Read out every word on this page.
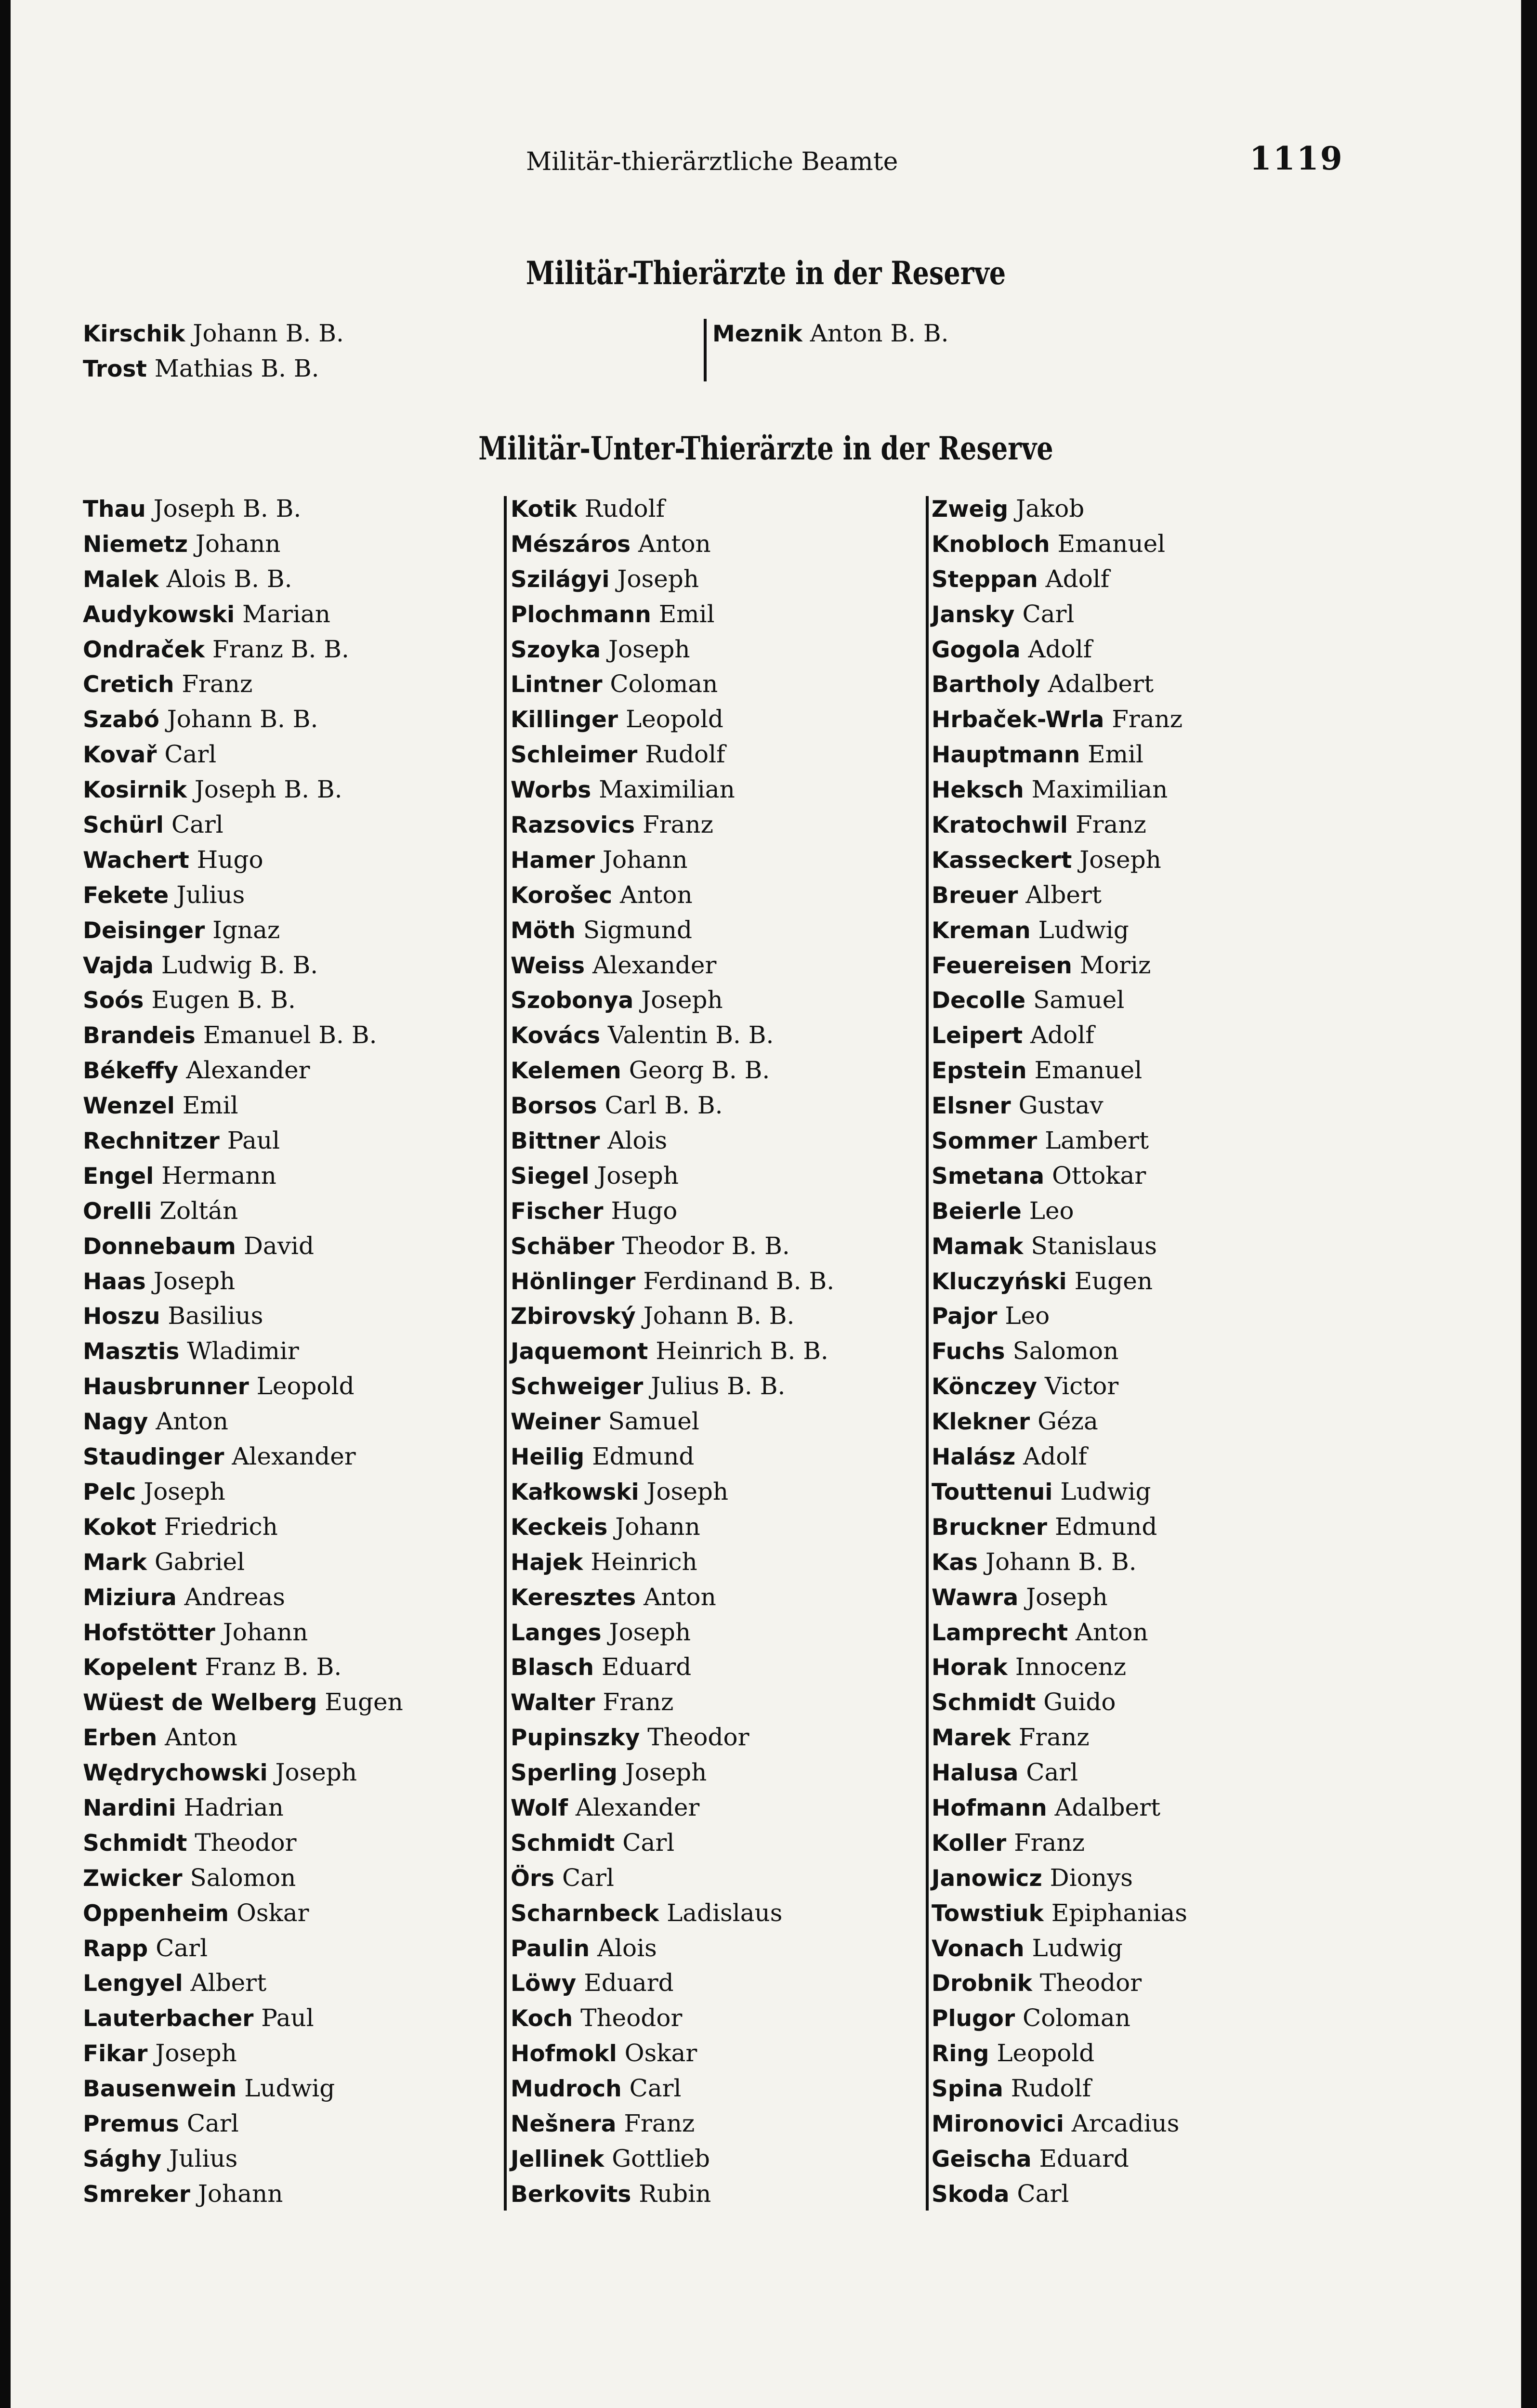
Militär-thierärztliche Beamte	1119
Militär-Thierärzte in der Reserve
Kirschik Johann B. B.
Trost Mathias B. B.
Meznik Anton B. B.
Militär-Unter-Thierärzte in der Reserve
Thau Joseph B. B.
Niemetz Johann
Malek Alois B. B.
Audykowski Marian
Ondraček Franz B. B.
Cretich Franz
Szabó Johann B. B.
Kovař Carl
Kosirnik Joseph B. B.
Schürl Carl
Wachert Hugo
Fekete Julius
Deisinger Ignaz
Vajda Ludwig B. B.
Soós Eugen B. B.
Brandeis Emanuel B. B.
Békeffy Alexander
Wenzel Emil
Rechnitzer Paul
Engel Hermann
Orelli Zoltán
Donnebaum David
Haas Joseph
Hoszu Basilius
Masztis Wladimir
Hausbrunner Leopold
Nagy Anton
Staudinger Alexander
Pelc Joseph
Kokot Friedrich
Mark Gabriel
Miziura Andreas
Hofstötter Johann
Kopelent Franz B. B.
Wüest de Welberg Eugen
Erben Anton
Wędrychowski Joseph
Nardini Hadrian
Schmidt Theodor
Zwicker Salomon
Oppenheim Oskar
Rapp Carl
Lengyel Albert
Lauterbacher Paul
Fikar Joseph
Bausenwein Ludwig
Premus Carl
Sághy Julius
Smreker Johann
Kotik Rudolf
Mészáros Anton
Szilágyi Joseph
Plochmann Emil
Szoyka Joseph
Lintner Coloman
Killinger Leopold
Schleimer Rudolf
Worbs Maximilian
Razsovics Franz
Hamer Johann
Korošec Anton
Möth Sigmund
Weiss Alexander
Szobonya Joseph
Kovács Valentin B. B.
Kelemen Georg B. B.
Borsos Carl B. B.
Bittner Alois
Siegel Joseph
Fischer Hugo
Schäber Theodor B. B.
Hönlinger Ferdinand B. B.
Zbirovský Johann B. B.
Jaquemont Heinrich B. B.
Schweiger Julius B. B.
Weiner Samuel
Heilig Edmund
Kałkowski Joseph
Keckeis Johann
Hajek Heinrich
Keresztes Anton
Langes Joseph
Blasch Eduard
Walter Franz
Pupinszky Theodor
Sperling Joseph
Wolf Alexander
Schmidt Carl
Örs Carl
Scharnbeck Ladislaus
Paulin Alois
Löwy Eduard
Koch Theodor
Hofmokl Oskar
Mudroch Carl
Nešnera Franz
Jellinek Gottlieb
Berkovits Rubin
Zweig Jakob
Knobloch Emanuel
Steppan Adolf
Jansky Carl
Gogola Adolf
Bartholy Adalbert
Hrbaček-Wrla Franz
Hauptmann Emil
Heksch Maximilian
Kratochwil Franz
Kasseckert Joseph
Breuer Albert
Kreman Ludwig
Feuereisen Moriz
Decolle Samuel
Leipert Adolf
Epstein Emanuel
Elsner Gustav
Sommer Lambert
Smetana Ottokar
Beierle Leo
Mamak Stanislaus
Kluczyński Eugen
Pajor Leo
Fuchs Salomon
Könczey Victor
Klekner Géza
Halász Adolf
Touttenui Ludwig
Bruckner Edmund
Kas Johann B. B.
Wawra Joseph
Lamprecht Anton
Horak Innocenz
Schmidt Guido
Marek Franz
Halusa Carl
Hofmann Adalbert
Koller Franz
Janowicz Dionys
Towstiuk Epiphanias
Vonach Ludwig
Drobnik Theodor
Plugor Coloman
Ring Leopold
Spina Rudolf
Mironovici Arcadius
Geischa Eduard
Skoda Carl
